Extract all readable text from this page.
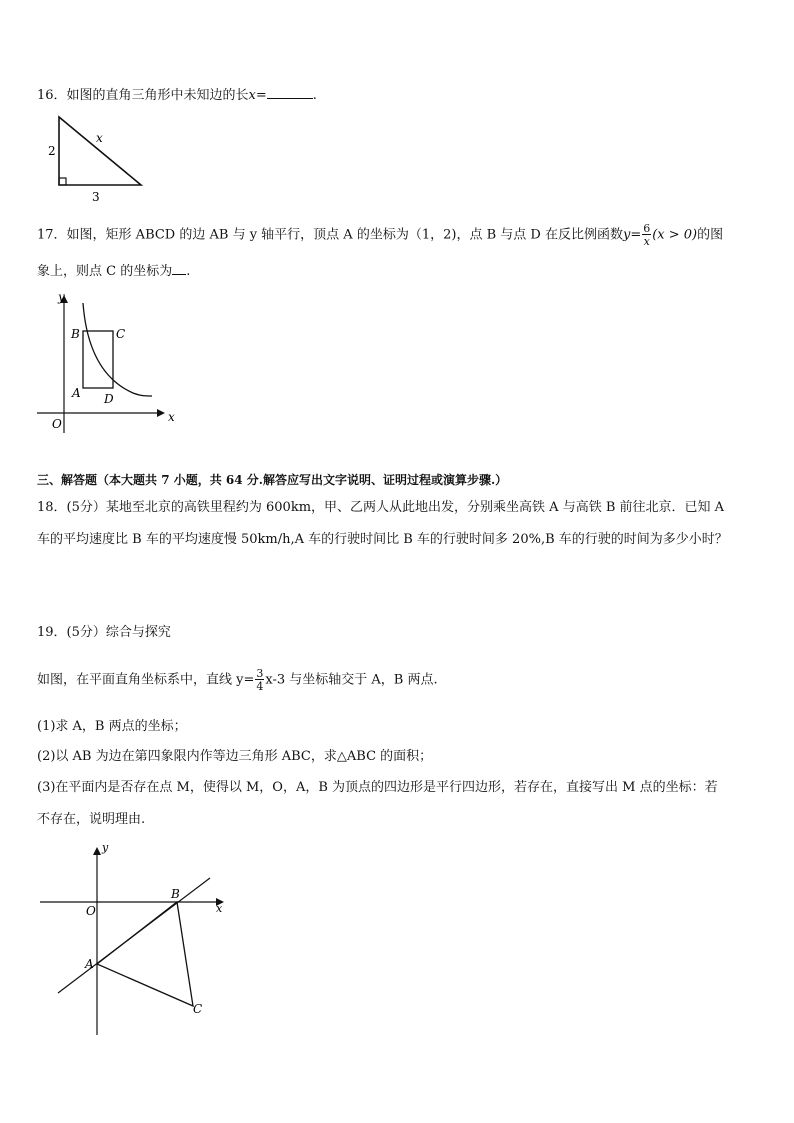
16．如图的直角三角形中未知边的长x=	.
2
3
x
17．如图，矩形 ABCD 的边 AB 与 y 轴平行，顶点 A 的坐标为（1，2)，点 B 与点 D 在反比例函数$y= \frac{6}{x} (x > 0)$的图
象上，则点 C 的坐标为 .
y
x
O
A
B	C
D
三、解答题（本大题共 7 小题，共 64 分.解答应写出文字说明、证明过程或演算步骤.）
18．(5分）某地至北京的高铁里程约为 600km，甲、乙两人从此地出发，分别乘坐高铁 A 与高铁 B 前往北京．已知 A
车的平均速度比 B 车的平均速度慢 50km/h,A 车的行驶时间比 B 车的行驶时间多 20%,B 车的行驶的时间为多少小时？
19．(5分）综合与探究
如图，在平面直角坐标系中，直线 $y= \frac{3}{4} x-3$ 与坐标轴交于 A，B 两点.
(1)求 A，B 两点的坐标；
(2)以 AB 为边在第四象限内作等边三角形 ABC，求△ABC 的面积；
(3)在平面内是否存在点 M，使得以 M，O，A，B 为顶点的四边形是平行四边形，若存在，直接写出 M 点的坐标：若
不存在，说明理由.
y
x
O
A
B
C
